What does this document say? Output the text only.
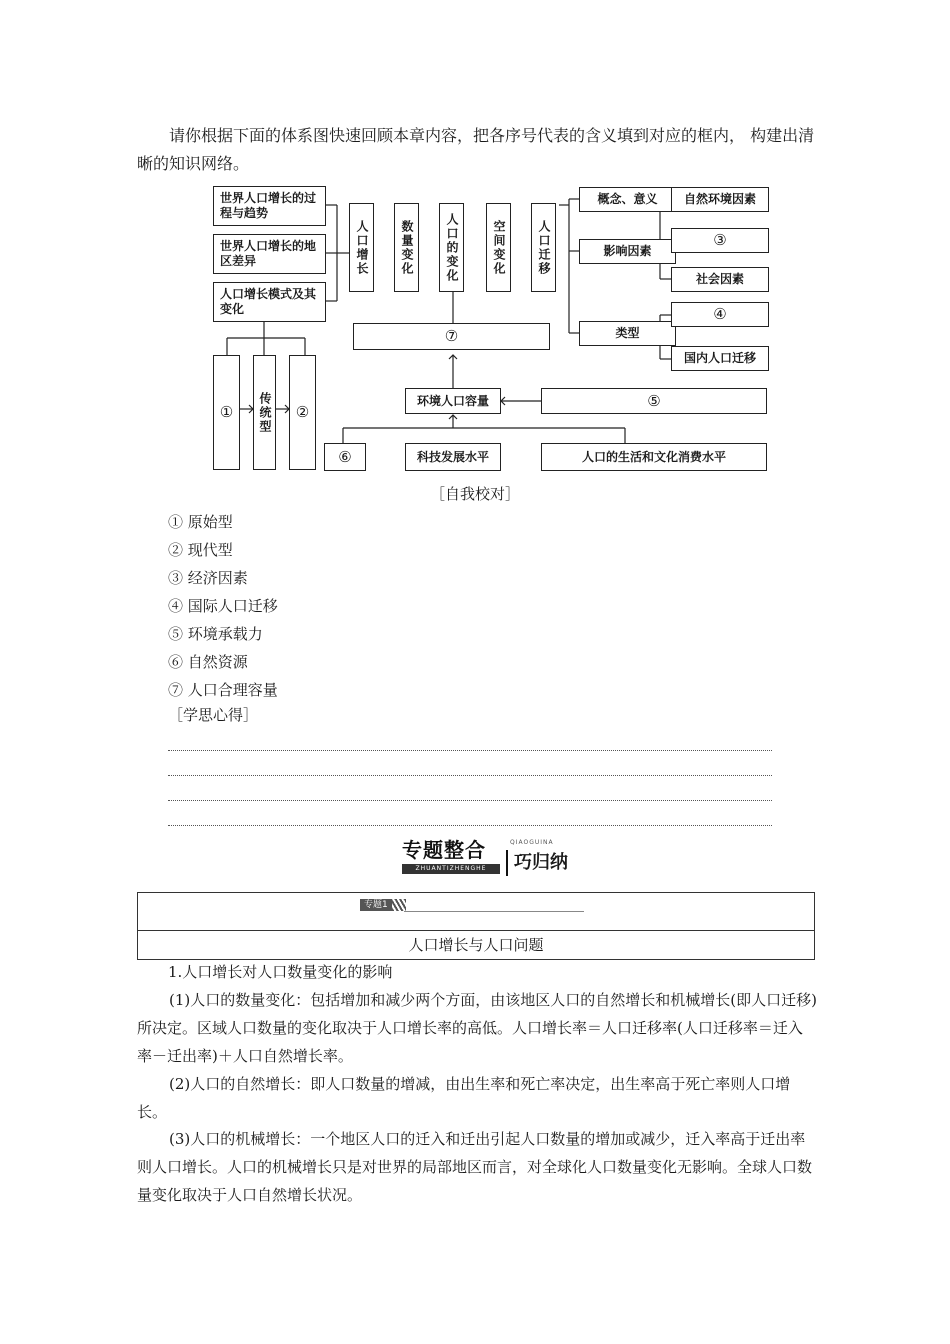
请你根据下面的体系图快速回顾本章内容，把各序号代表的含义填到对应的框内， 构建出清晰的知识网络。

世界人口增长的过程与趋势
世界人口增长的地区差异
人口增长模式及其变化
①	传统型	②
人口增长	数量变化	人口的变化	空间变化	人口迁移
⑦
环境人口容量	⑤
⑥	科技发展水平	人口的生活和文化消费水平
概念、意义
影响因素
类型
自然环境因素
③
社会因素
④
国内人口迁移
［自我校对］
① 原始型
② 现代型
③ 经济因素
④ 国际人口迁移
⑤ 环境承载力
⑥ 自然资源
⑦ 人口合理容量
［学思心得］
专题整合
ZHUANTIZHENGHE
QIAOGUINA
巧归纳
专题1
人口增长与人口问题

1.人口增长对人口数量变化的影响

(1)人口的数量变化：包括增加和减少两个方面，由该地区人口的自然增长和机械增长(即人口迁移)所决定。区域人口数量的变化取决于人口增长率的高低。人口增长率＝人口迁移率(人口迁移率＝迁入率－迁出率)＋人口自然增长率。

(2)人口的自然增长：即人口数量的增减，由出生率和死亡率决定，出生率高于死亡率则人口增长。

(3)人口的机械增长：一个地区人口的迁入和迁出引起人口数量的增加或减少，迁入率高于迁出率则人口增长。人口的机械增长只是对世界的局部地区而言，对全球化人口数量变化无影响。全球人口数量变化取决于人口自然增长状况。
